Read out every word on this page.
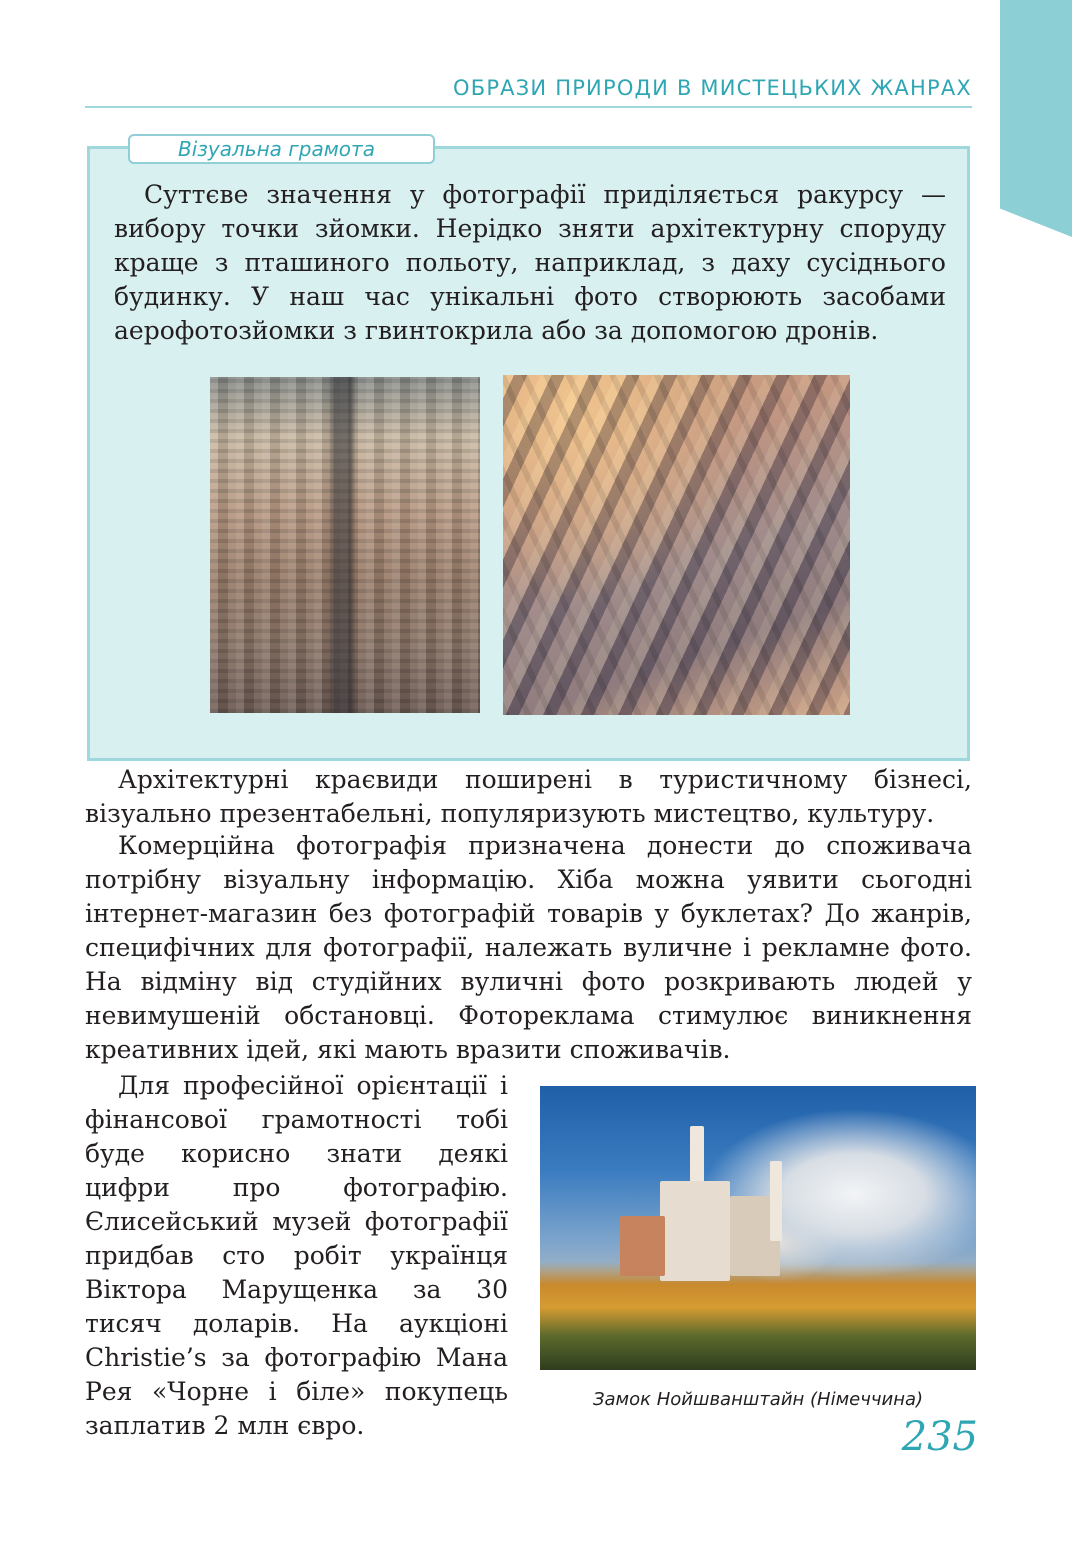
ОБРАЗИ ПРИРОДИ В МИСТЕЦЬКИХ ЖАНРАХ
Візуальна грамота

Суттєве значення у фотографії приділяється ракурсу — вибору точки зйомки. Нерідко зняти архітектурну споруду краще з пташиного польоту, наприклад, з даху сусіднього будинку. У наш час унікальні фото створюють засобами аерофотозйомки з гвинтокрила або за допомогою дронів.

Архітектурні краєвиди поширені в туристичному бізнесі, візуально презентабельні, популяризують мистецтво, культуру.

Комерційна фотографія призначена донести до споживача потрібну візуальну інформацію. Хіба можна уявити сьогодні інтернет-магазин без фотографій товарів у буклетах? До жанрів, специфічних для фотографії, належать вуличне і рекламне фото. На відміну від студійних вуличні фото розкривають людей у невимушеній обстановці. Фотореклама стимулює виникнення креативних ідей, які мають вразити споживачів.

Для професійної орієнтації і фінансової грамотності тобі буде корисно знати деякі цифри про фотографію. Єлисейський музей фотографії придбав сто робіт українця Віктора Марущенка за 30 тисяч доларів. На аукціоні Christie’s за фотографію Мана Рея «Чорне і біле» покупець заплатив 2 млн євро.

Замок Нойшванштайн (Німеччина)
235
